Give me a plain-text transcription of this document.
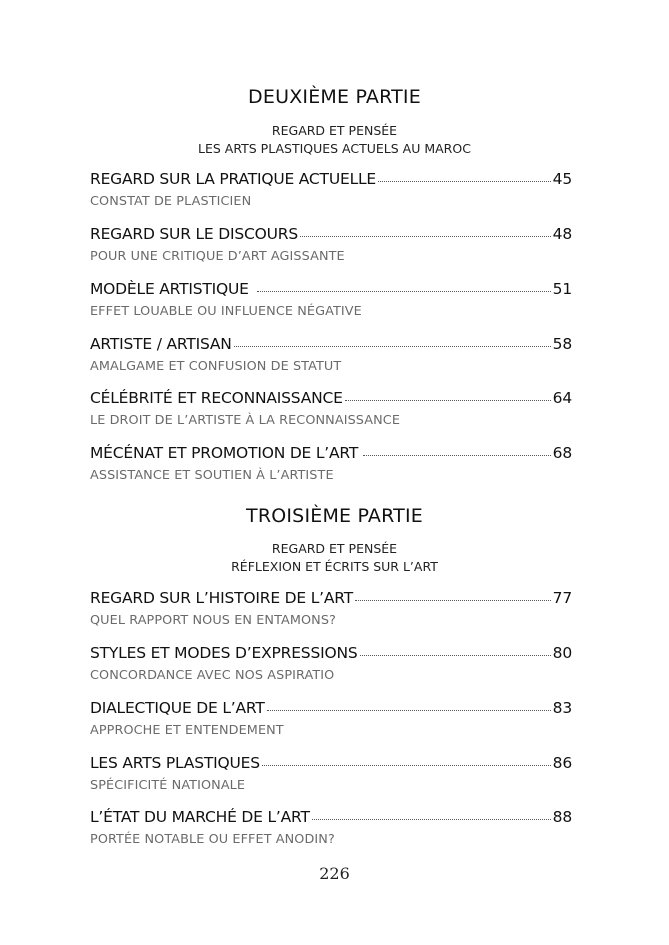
DEUXIÈME PARTIE
REGARD ET PENSÉE
LES ARTS PLASTIQUES ACTUELS AU MAROC
REGARD SUR LA PRATIQUE ACTUELLE	45
CONSTAT DE PLASTICIEN
REGARD SUR LE DISCOURS	48
POUR UNE CRITIQUE D’ART AGISSANTE
MODÈLE ARTISTIQUE	51
EFFET LOUABLE OU INFLUENCE NÉGATIVE
ARTISTE / ARTISAN	58
AMALGAME ET CONFUSION DE STATUT
CÉLÉBRITÉ ET RECONNAISSANCE	64
LE DROIT DE L’ARTISTE À LA RECONNAISSANCE
MÉCÉNAT ET PROMOTION DE L’ART	68
ASSISTANCE ET SOUTIEN À L’ARTISTE
TROISIÈME PARTIE
REGARD ET PENSÉE
RÉFLEXION ET ÉCRITS SUR L’ART
REGARD SUR L’HISTOIRE DE L’ART	77
QUEL RAPPORT NOUS EN ENTAMONS?
STYLES ET MODES D’EXPRESSIONS	80
CONCORDANCE AVEC NOS ASPIRATIO
DIALECTIQUE DE L’ART	83
APPROCHE ET ENTENDEMENT
LES ARTS PLASTIQUES	86
SPÉCIFICITÉ NATIONALE
L’ÉTAT DU MARCHÉ DE L’ART	88
PORTÉE NOTABLE OU EFFET ANODIN?
226
